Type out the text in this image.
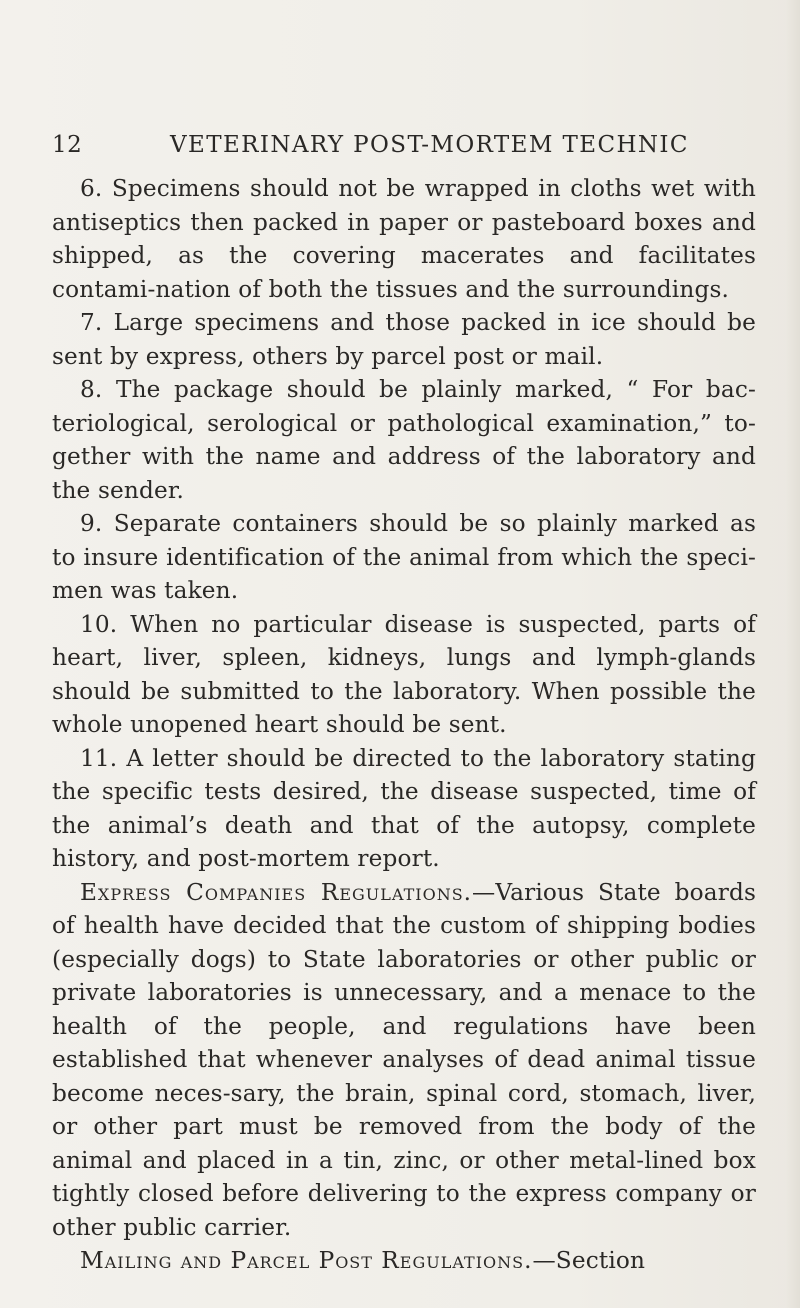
12	VETERINARY POST-MORTEM TECHNIC

6. Specimens should not be wrapped in cloths wet with antiseptics then packed in paper or pasteboard boxes and shipped, as the covering macerates and facilitates contami-nation of both the tissues and the surroundings.

7. Large specimens and those packed in ice should be sent by express, others by parcel post or mail.

8. The package should be plainly marked, “ For bac-teriological, serological or pathological examination,” to-gether with the name and address of the laboratory and the sender.

9. Separate containers should be so plainly marked as to insure identification of the animal from which the speci-men was taken.

10. When no particular disease is suspected, parts of heart, liver, spleen, kidneys, lungs and lymph-glands should be submitted to the laboratory. When possible the whole unopened heart should be sent.

11. A letter should be directed to the laboratory stating the specific tests desired, the disease suspected, time of the animal’s death and that of the autopsy, complete history, and post-mortem report.

Express Companies Regulations.—Various State boards of health have decided that the custom of shipping bodies (especially dogs) to State laboratories or other public or private laboratories is unnecessary, and a menace to the health of the people, and regulations have been established that whenever analyses of dead animal tissue become neces-sary, the brain, spinal cord, stomach, liver, or other part must be removed from the body of the animal and placed in a tin, zinc, or other metal-lined box tightly closed before delivering to the express company or other public carrier.

Mailing and Parcel Post Regulations.—Section
